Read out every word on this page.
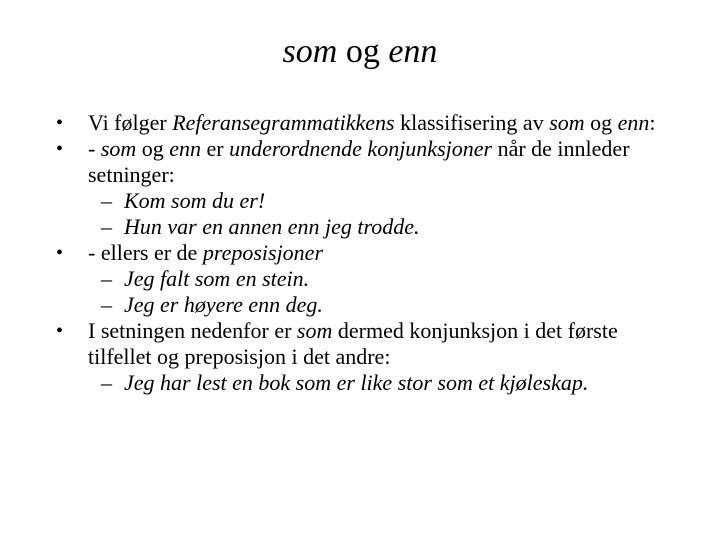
som og enn
•	Vi følger Referansegrammatikkens klassifisering av som og enn:
•	- som og enn er underordnende konjunksjoner når de innleder setninger:
– Kom som du er!
– Hun var en annen enn jeg trodde.
•	- ellers er de preposisjoner
– Jeg falt som en stein.
– Jeg er høyere enn deg.
•	I setningen nedenfor er som dermed konjunksjon i det første tilfellet og preposisjon i det andre:
– Jeg har lest en bok som er like stor som et kjøleskap.
